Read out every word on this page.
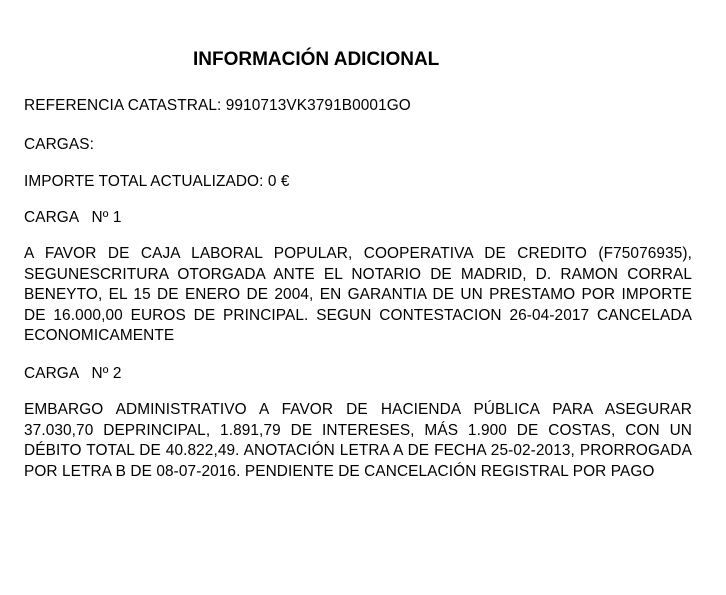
INFORMACIÓN ADICIONAL
REFERENCIA CATASTRAL: 9910713VK3791B0001GO
CARGAS:
IMPORTE TOTAL ACTUALIZADO: 0 €
CARGA   Nº 1
A FAVOR DE CAJA LABORAL POPULAR, COOPERATIVA DE CREDITO (F75076935), SEGUNESCRITURA OTORGADA ANTE EL NOTARIO DE MADRID, D. RAMON CORRAL BENEYTO, EL 15 DE ENERO DE 2004, EN GARANTIA DE UN PRESTAMO POR IMPORTE DE 16.000,00 EUROS DE PRINCIPAL. SEGUN CONTESTACION 26-04-2017 CANCELADA ECONOMICAMENTE
CARGA   Nº 2
EMBARGO ADMINISTRATIVO A FAVOR DE HACIENDA PÚBLICA PARA ASEGURAR 37.030,70 DEPRINCIPAL, 1.891,79 DE INTERESES, MÁS 1.900 DE COSTAS, CON UN DÉBITO TOTAL DE 40.822,49. ANOTACIÓN LETRA A DE FECHA 25-02-2013, PRORROGADA POR LETRA B DE 08-07-2016. PENDIENTE DE CANCELACIÓN REGISTRAL POR PAGO
